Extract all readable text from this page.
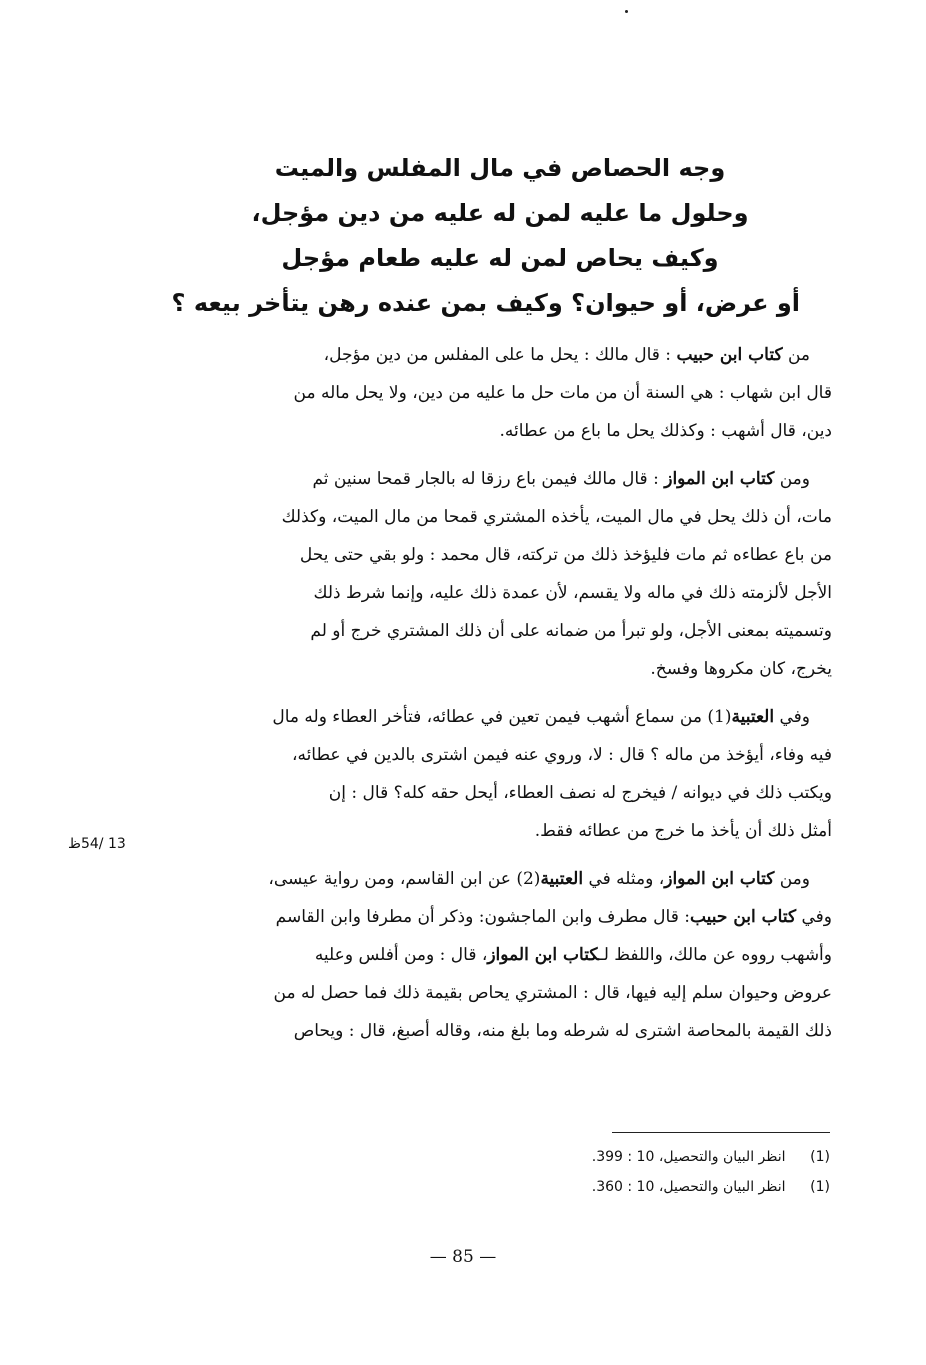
وجه الحصاص في مال المفلس والميت
وحلول ما عليه لمن له عليه من دين مؤجل،
وكيف يحاص لمن له عليه طعام مؤجل
أو عرض، أو حيوان؟ وكيف بمن عنده رهن يتأخر بيعه ؟
من كتاب ابن حبيب : قال مالك : يحل ما على المفلس من دين مؤجل،
قال ابن شهاب : هي السنة أن من مات حل ما عليه من دين، ولا يحل ماله من
دين، قال أشهب : وكذلك يحل ما باع من عطائه.
ومن كتاب ابن المواز : قال مالك فيمن باع رزقا له بالجار قمحا سنين ثم
مات، أن ذلك يحل في مال الميت، يأخذه المشتري قمحا من مال الميت، وكذلك
من باع عطاءه ثم مات فليؤخذ ذلك من تركته، قال محمد : ولو بقي حتى يحل
الأجل لألزمته ذلك في ماله ولا يقسم، لأن عمدة ذلك عليه، وإنما شرط ذلك
وتسميته بمعنى الأجل، ولو تبرأ من ضمانه على أن ذلك المشتري خرج أو لم
يخرج، كان مكروها وفسخ.
وفي العتبية(1) من سماع أشهب فيمن تعين في عطائه، فتأخر العطاء وله مال
فيه وفاء، أيؤخذ من ماله ؟ قال : لا، وروي عنه فيمن اشترى بالدين في عطائه،
ويكتب ذلك في ديوانه / فيخرج له نصف العطاء، أيحل حقه كله؟ قال : إن
أمثل ذلك أن يأخذ ما خرج من عطائه فقط.
ومن كتاب ابن المواز، ومثله في العتبية(2) عن ابن القاسم، ومن رواية عيسى،
وفي كتاب ابن حبيب: قال مطرف وابن الماجشون: وذكر أن مطرفا وابن القاسم
وأشهب رووه عن مالك، واللفظ لـكتاب ابن المواز، قال : ومن أفلس وعليه
عروض وحيوان سلم إليه فيها، قال : المشتري يحاص بقيمة ذلك فما حصل له من
ذلك القيمة بالمحاصة اشترى له شرطه وما بلغ منه، وقاله أصبغ، قال : ويحاص
13 /54ظ
(1) انظر البيان والتحصيل، 10 : 399.
(1) انظر البيان والتحصيل، 10 : 360.
— 85 —
